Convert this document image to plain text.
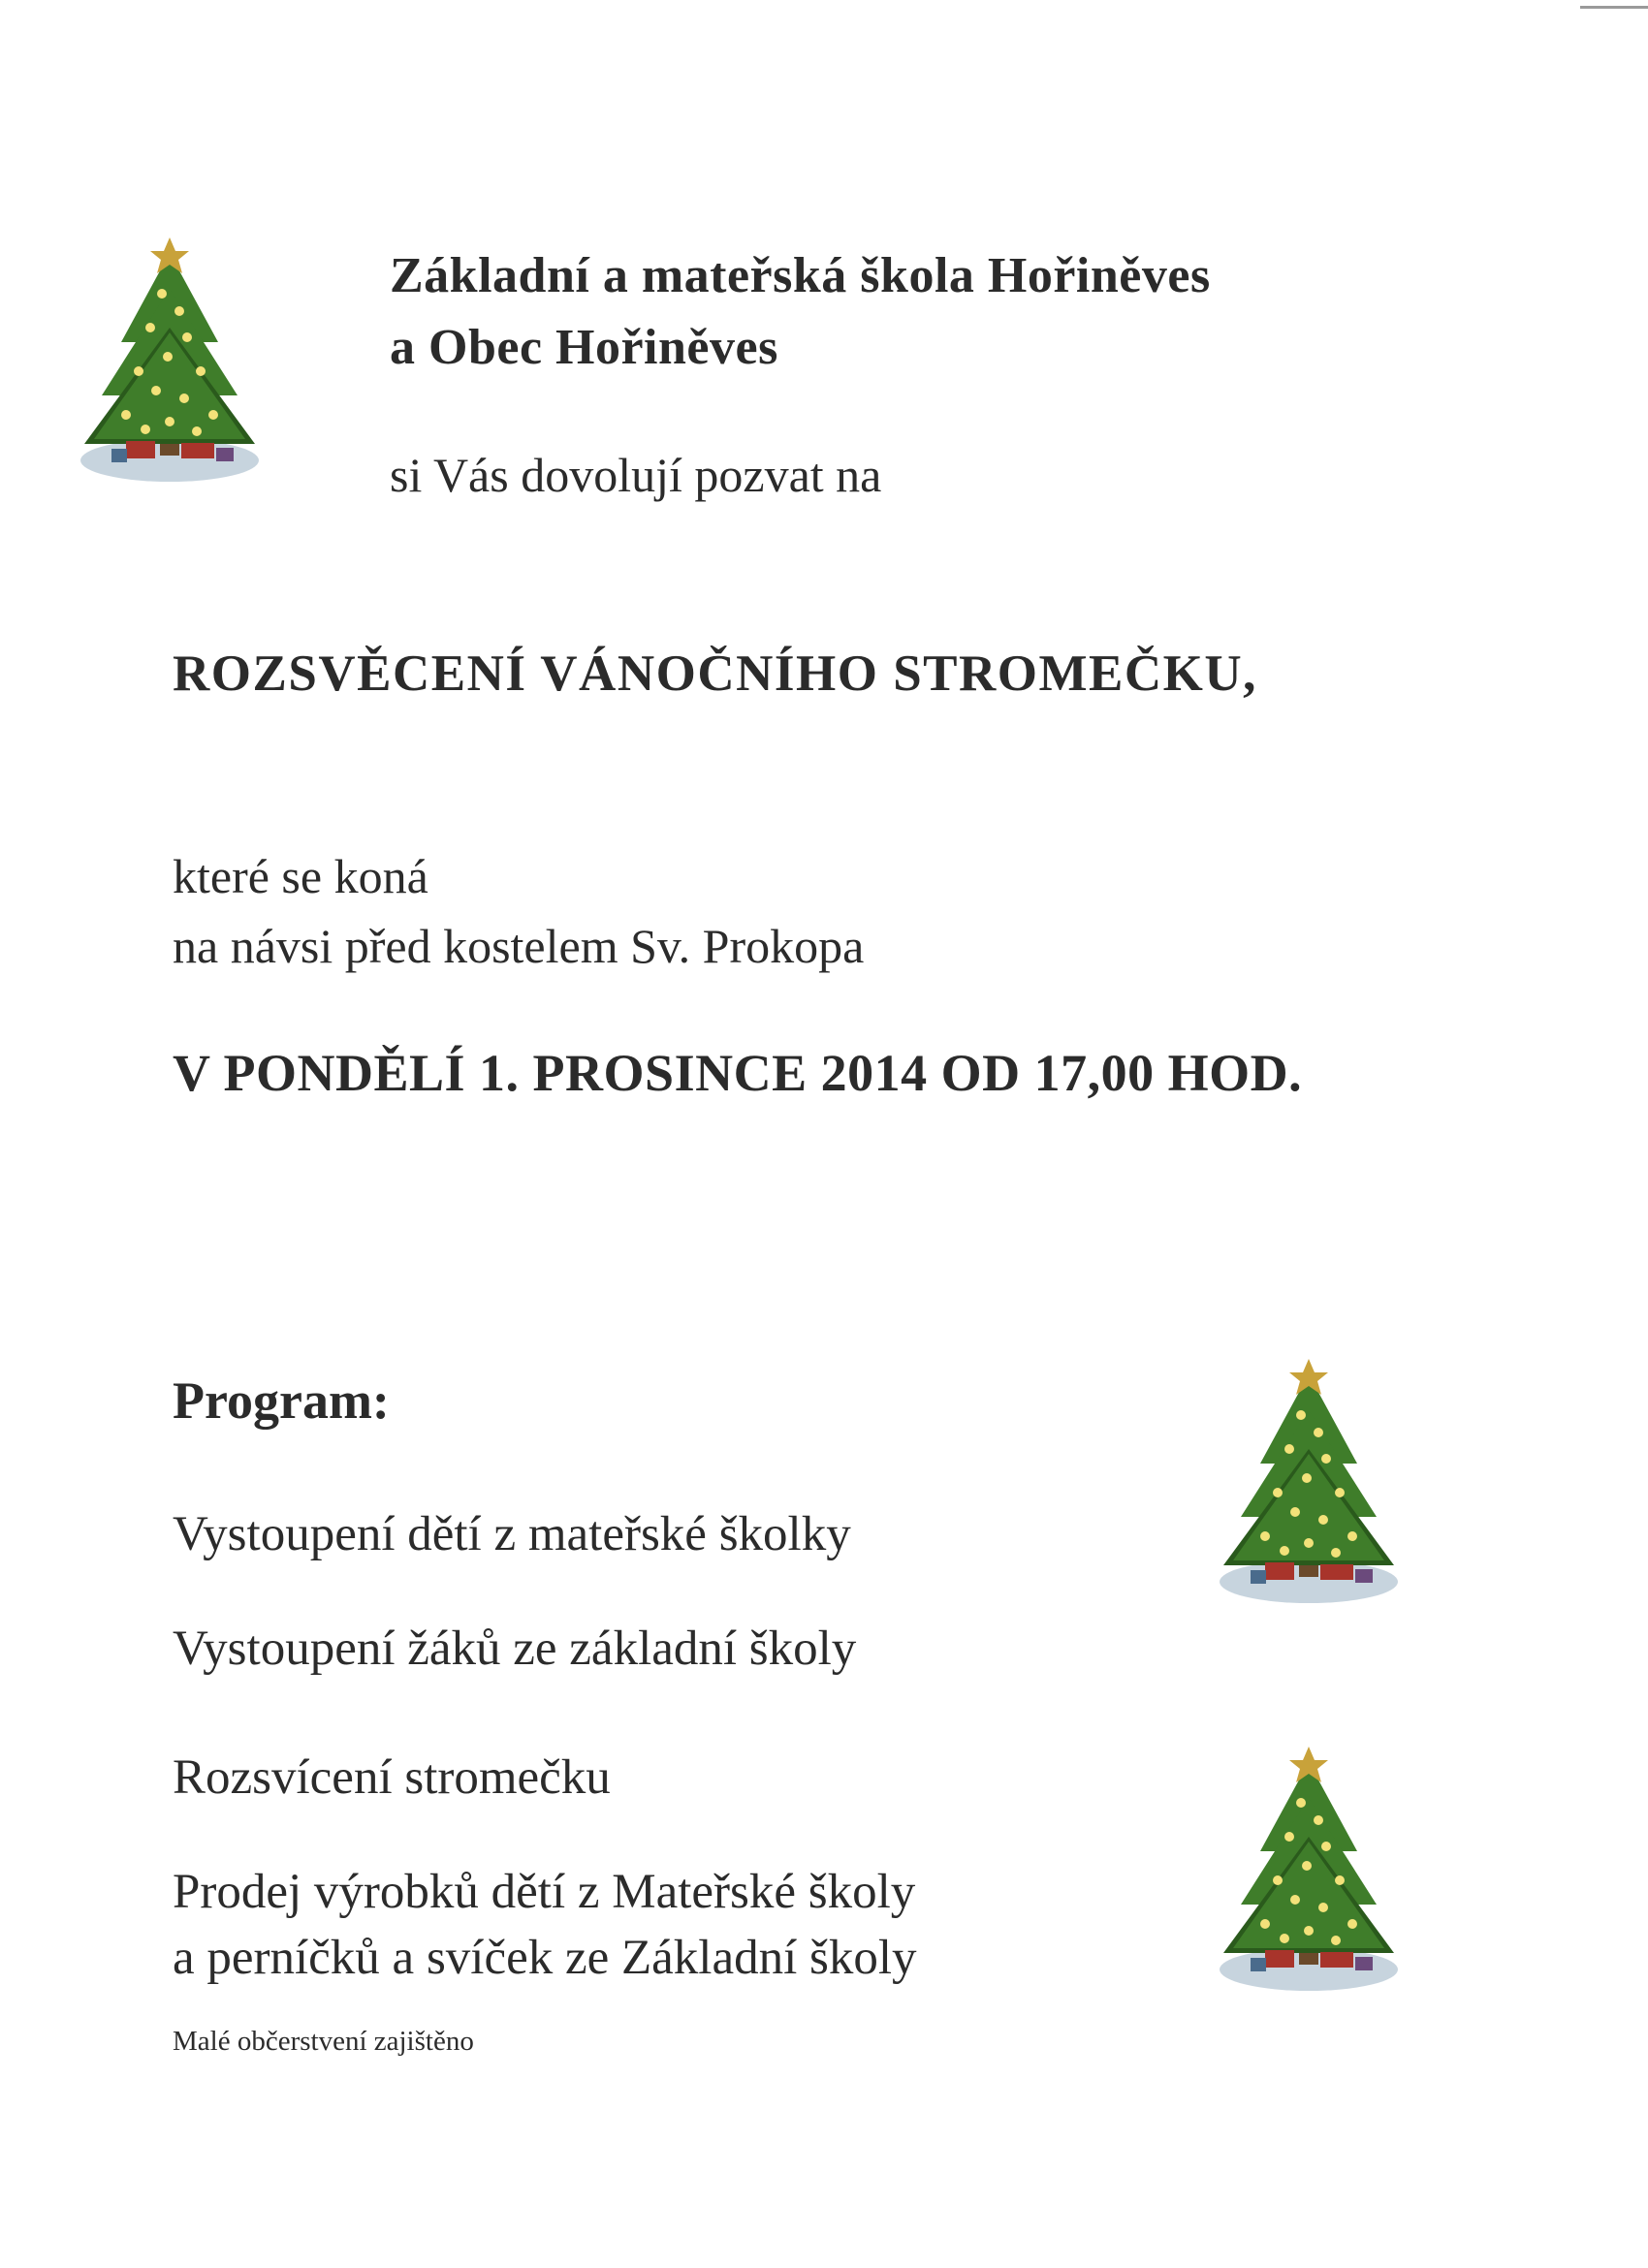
Základní a mateřská škola Hořiněves
a Obec Hořiněves
si Vás dovolují pozvat na
ROZSVĚCENÍ VÁNOČNÍHO STROMEČKU,
které se koná
na návsi před kostelem Sv. Prokopa
V PONDĚLÍ 1. PROSINCE 2014 OD 17,00 HOD.
Program:
Vystoupení dětí z mateřské školky
Vystoupení žáků ze základní školy
Rozsvícení stromečku
Prodej výrobků dětí z Mateřské školy
a perníčků a svíček ze Základní školy
Malé občerstvení zajištěno
